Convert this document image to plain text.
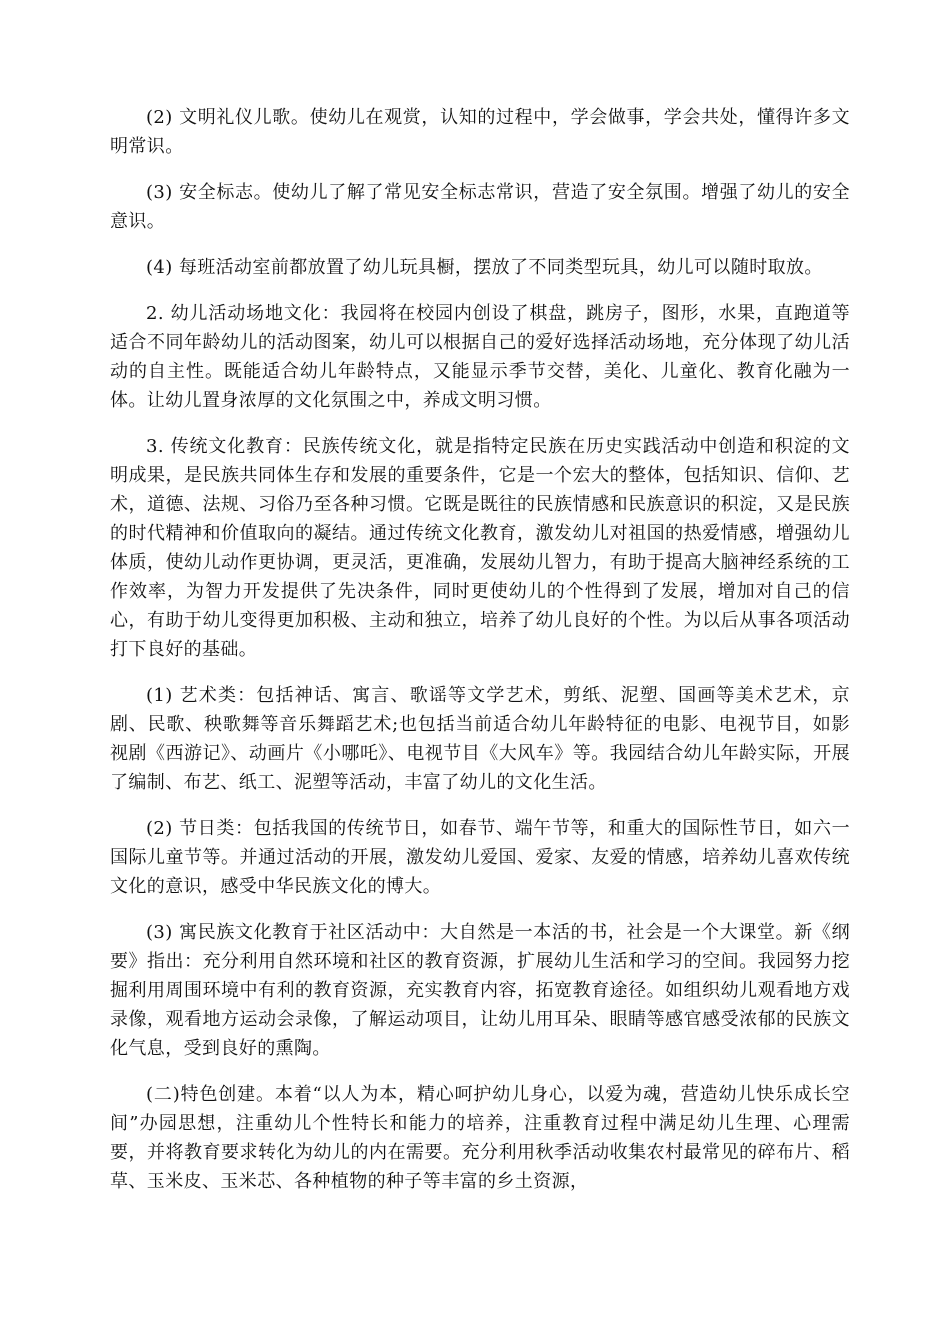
(2) 文明礼仪儿歌。使幼儿在观赏，认知的过程中，学会做事，学会共处，懂得许多文明常识。

(3) 安全标志。使幼儿了解了常见安全标志常识，营造了安全氛围。增强了幼儿的安全意识。

(4) 每班活动室前都放置了幼儿玩具橱，摆放了不同类型玩具，幼儿可以随时取放。

2. 幼儿活动场地文化：我园将在校园内创设了棋盘，跳房子，图形，水果，直跑道等适合不同年龄幼儿的活动图案，幼儿可以根据自己的爱好选择活动场地，充分体现了幼儿活动的自主性。既能适合幼儿年龄特点，又能显示季节交替，美化、儿童化、教育化融为一体。让幼儿置身浓厚的文化氛围之中，养成文明习惯。

3. 传统文化教育：民族传统文化，就是指特定民族在历史实践活动中创造和积淀的文明成果，是民族共同体生存和发展的重要条件，它是一个宏大的整体，包括知识、信仰、艺术，道德、法规、习俗乃至各种习惯。它既是既往的民族情感和民族意识的积淀，又是民族的时代精神和价值取向的凝结。通过传统文化教育，激发幼儿对祖国的热爱情感，增强幼儿体质，使幼儿动作更协调，更灵活，更准确，发展幼儿智力，有助于提高大脑神经系统的工作效率，为智力开发提供了先决条件，同时更使幼儿的个性得到了发展，增加对自己的信心，有助于幼儿变得更加积极、主动和独立，培养了幼儿良好的个性。为以后从事各项活动打下良好的基础。

(1) 艺术类：包括神话、寓言、歌谣等文学艺术，剪纸、泥塑、国画等美术艺术，京剧、民歌、秧歌舞等音乐舞蹈艺术;也包括当前适合幼儿年龄特征的电影、电视节目，如影视剧《西游记》、动画片《小哪吒》、电视节目《大风车》等。我园结合幼儿年龄实际，开展了编制、布艺、纸工、泥塑等活动，丰富了幼儿的文化生活。

(2) 节日类：包括我国的传统节日，如春节、端午节等，和重大的国际性节日，如六一国际儿童节等。并通过活动的开展，激发幼儿爱国、爱家、友爱的情感，培养幼儿喜欢传统文化的意识，感受中华民族文化的博大。

(3) 寓民族文化教育于社区活动中：大自然是一本活的书，社会是一个大课堂。新《纲要》指出：充分利用自然环境和社区的教育资源，扩展幼儿生活和学习的空间。我园努力挖掘利用周围环境中有利的教育资源，充实教育内容，拓宽教育途径。如组织幼儿观看地方戏录像，观看地方运动会录像，了解运动项目，让幼儿用耳朵、眼睛等感官感受浓郁的民族文化气息，受到良好的熏陶。

(二)特色创建。本着“以人为本，精心呵护幼儿身心，以爱为魂，营造幼儿快乐成长空间”办园思想，注重幼儿个性特长和能力的培养，注重教育过程中满足幼儿生理、心理需要，并将教育要求转化为幼儿的内在需要。充分利用秋季活动收集农村最常见的碎布片、稻草、玉米皮、玉米芯、各种植物的种子等丰富的乡土资源，
